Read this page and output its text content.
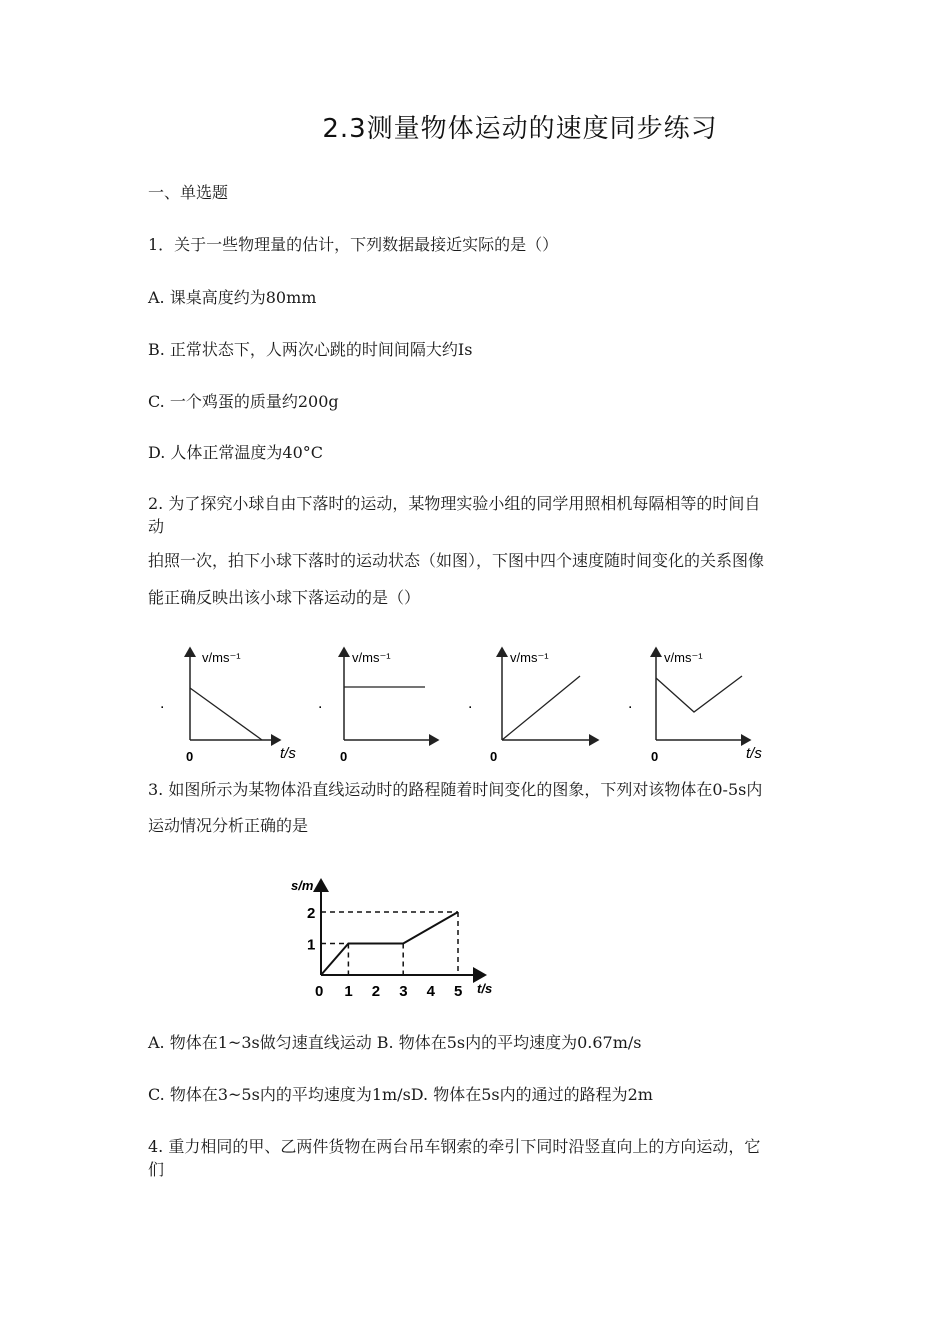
2.3测量物体运动的速度同步练习
一、单选题
1．关于一些物理量的估计，下列数据最接近实际的是（）
A. 课桌高度约为80mm
B. 正常状态下，人两次心跳的时间间隔大约Is
C. 一个鸡蛋的质量约200g
D. 人体正常温度为40°C
2. 为了探究小球自由下落时的运动，某物理实验小组的同学用照相机每隔相等的时间自
动
拍照一次，拍下小球下落时的运动状态（如图），下图中四个速度随时间变化的关系图像
能正确反映出该小球下落运动的是（）
.
v/ms⁻¹
0	t/s
.
v/ms⁻¹
0
.
v/ms⁻¹
0
.
v/ms⁻¹
0	t/s
3. 如图所示为某物体沿直线运动时的路程随着时间变化的图象，下列对该物体在0-5s内
运动情况分析正确的是
s/m
t/s
0 1 2 3 4 5
1
2
A. 物体在1~3s做匀速直线运动 B. 物体在5s内的平均速度为0.67m/s
C. 物体在3~5s内的平均速度为1m/sD. 物体在5s内的通过的路程为2m
4. 重力相同的甲、乙两件货物在两台吊车钢索的牵引下同时沿竖直向上的方向运动，它
们
